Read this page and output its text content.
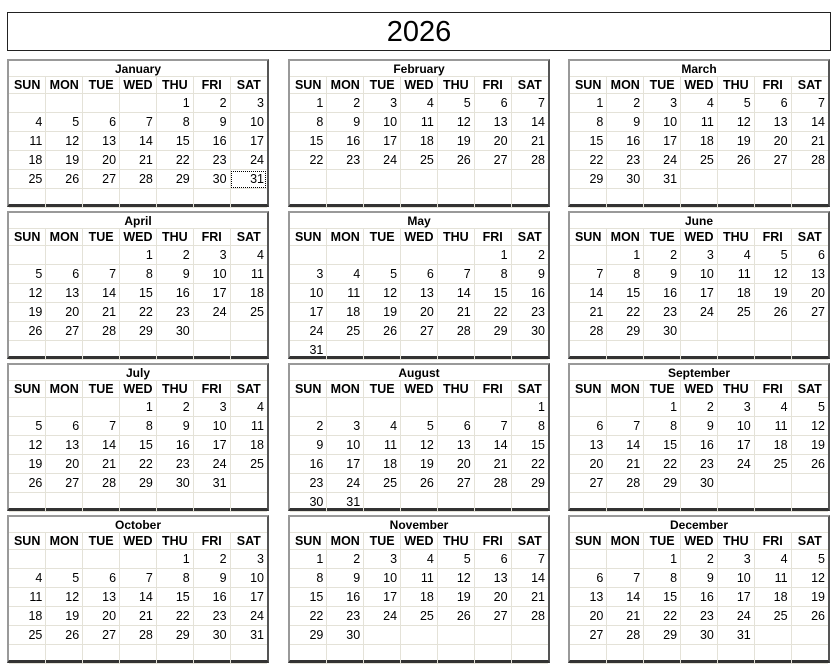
2026
January
SUN	MON	TUE	WED	THU	FRI	SAT
				1	2	3
4	5	6	7	8	9	10
11	12	13	14	15	16	17
18	19	20	21	22	23	24
25	26	27	28	29	30	31

February
SUN	MON	TUE	WED	THU	FRI	SAT
1	2	3	4	5	6	7
8	9	10	11	12	13	14
15	16	17	18	19	20	21
22	23	24	25	26	27	28

March
SUN	MON	TUE	WED	THU	FRI	SAT
1	2	3	4	5	6	7
8	9	10	11	12	13	14
15	16	17	18	19	20	21
22	23	24	25	26	27	28
29	30	31				

April
SUN	MON	TUE	WED	THU	FRI	SAT
			1	2	3	4
5	6	7	8	9	10	11
12	13	14	15	16	17	18
19	20	21	22	23	24	25
26	27	28	29	30		

May
SUN	MON	TUE	WED	THU	FRI	SAT
					1	2
3	4	5	6	7	8	9
10	11	12	13	14	15	16
17	18	19	20	21	22	23
24	25	26	27	28	29	30
31						
June
SUN	MON	TUE	WED	THU	FRI	SAT
	1	2	3	4	5	6
7	8	9	10	11	12	13
14	15	16	17	18	19	20
21	22	23	24	25	26	27
28	29	30				

July
SUN	MON	TUE	WED	THU	FRI	SAT
			1	2	3	4
5	6	7	8	9	10	11
12	13	14	15	16	17	18
19	20	21	22	23	24	25
26	27	28	29	30	31	

August
SUN	MON	TUE	WED	THU	FRI	SAT
						1
2	3	4	5	6	7	8
9	10	11	12	13	14	15
16	17	18	19	20	21	22
23	24	25	26	27	28	29
30	31					
September
SUN	MON	TUE	WED	THU	FRI	SAT
		1	2	3	4	5
6	7	8	9	10	11	12
13	14	15	16	17	18	19
20	21	22	23	24	25	26
27	28	29	30			

October
SUN	MON	TUE	WED	THU	FRI	SAT
				1	2	3
4	5	6	7	8	9	10
11	12	13	14	15	16	17
18	19	20	21	22	23	24
25	26	27	28	29	30	31

November
SUN	MON	TUE	WED	THU	FRI	SAT
1	2	3	4	5	6	7
8	9	10	11	12	13	14
15	16	17	18	19	20	21
22	23	24	25	26	27	28
29	30					

December
SUN	MON	TUE	WED	THU	FRI	SAT
		1	2	3	4	5
6	7	8	9	10	11	12
13	14	15	16	17	18	19
20	21	22	23	24	25	26
27	28	29	30	31		
